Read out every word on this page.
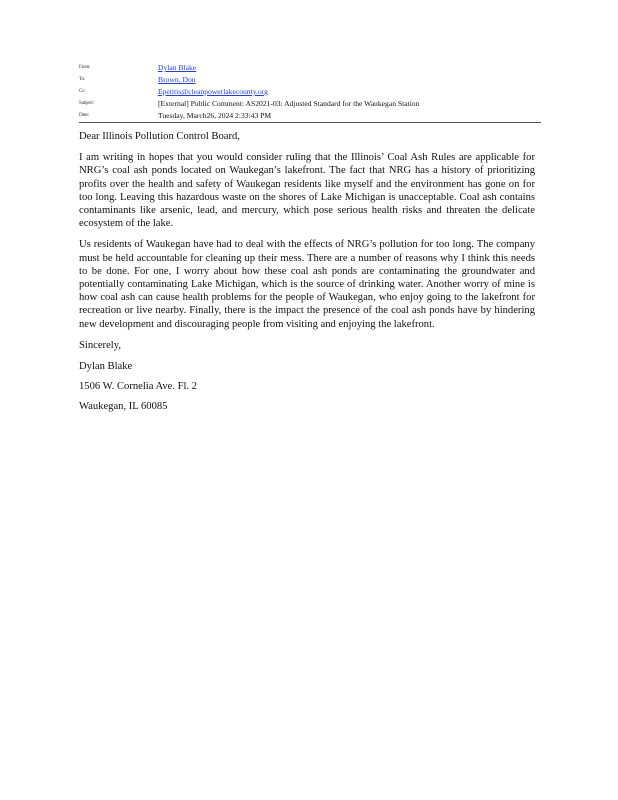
From:	Dylan Blake
To:	Brown, Don
Cc:	Epetitis@cleanpowerlakecounty.org
Subject:	[External] Public Comment: AS2021-03: Adjusted Standard for the Waukegan Station
Date:	Tuesday, March26, 2024 2:33:43 PM

Dear Illinois Pollution Control Board,

I am writing in hopes that you would consider ruling that the Illinois’ Coal Ash Rules are applicable for NRG’s coal ash ponds located on Waukegan’s lakefront. The fact that NRG has a history of prioritizing profits over the health and safety of Waukegan residents like myself and the environment has gone on for too long. Leaving this hazardous waste on the shores of Lake Michigan is unacceptable. Coal ash contains contaminants like arsenic, lead, and mercury, which pose serious health risks and threaten the delicate ecosystem of the lake.

Us residents of Waukegan have had to deal with the effects of NRG’s pollution for too long. The company must be held accountable for cleaning up their mess. There are a number of reasons why I think this needs to be done. For one, I worry about how these coal ash ponds are contaminating the groundwater and potentially contaminating Lake Michigan, which is the source of drinking water. Another worry of mine is how coal ash can cause health problems for the people of Waukegan, who enjoy going to the lakefront for recreation or live nearby. Finally, there is the impact the presence of the coal ash ponds have by hindering new development and discouraging people from visiting and enjoying the lakefront.

Sincerely,

Dylan Blake

1506 W. Cornelia Ave. Fl. 2

Waukegan, IL 60085
